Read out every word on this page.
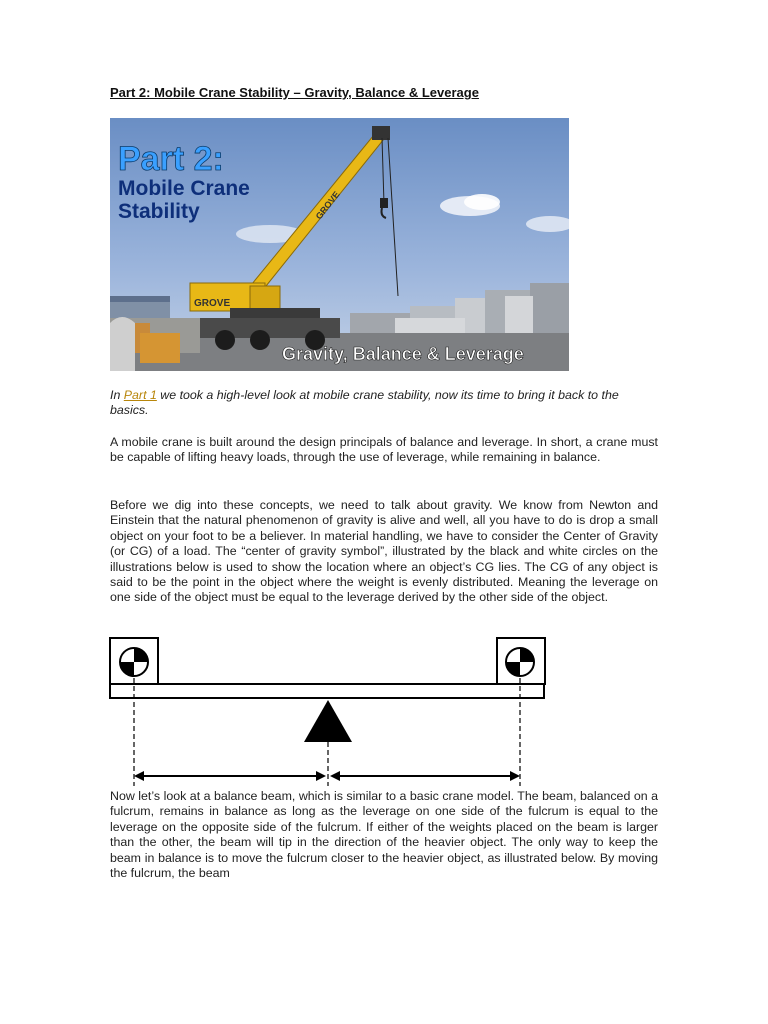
Part 2: Mobile Crane Stability – Gravity, Balance & Leverage
GROVE
GROVE
Part 2:
Mobile Crane
Stability
Gravity, Balance & Leverage

In Part 1 we took a high-level look at mobile crane stability, now its time to bring it back to the basics.

A mobile crane is built around the design principals of balance and leverage. In short, a crane must be capable of lifting heavy loads, through the use of leverage, while remaining in balance.

Before we dig into these concepts, we need to talk about gravity. We know from Newton and Einstein that the natural phenomenon of gravity is alive and well, all you have to do is drop a small object on your foot to be a believer. In material handling, we have to consider the Center of Gravity (or CG) of a load. The “center of gravity symbol”, illustrated by the black and white circles on the illustrations below is used to show the location where an object’s CG lies. The CG of any object is said to be the point in the object where the weight is evenly distributed. Meaning the leverage on one side of the object must be equal to the leverage derived by the other side of the object.

Now let’s look at a balance beam, which is similar to a basic crane model. The beam, balanced on a fulcrum, remains in balance as long as the leverage on one side of the fulcrum is equal to the leverage on the opposite side of the fulcrum. If either of the weights placed on the beam is larger than the other, the beam will tip in the direction of the heavier object. The only way to keep the beam in balance is to move the fulcrum closer to the heavier object, as illustrated below. By moving the fulcrum, the beam
